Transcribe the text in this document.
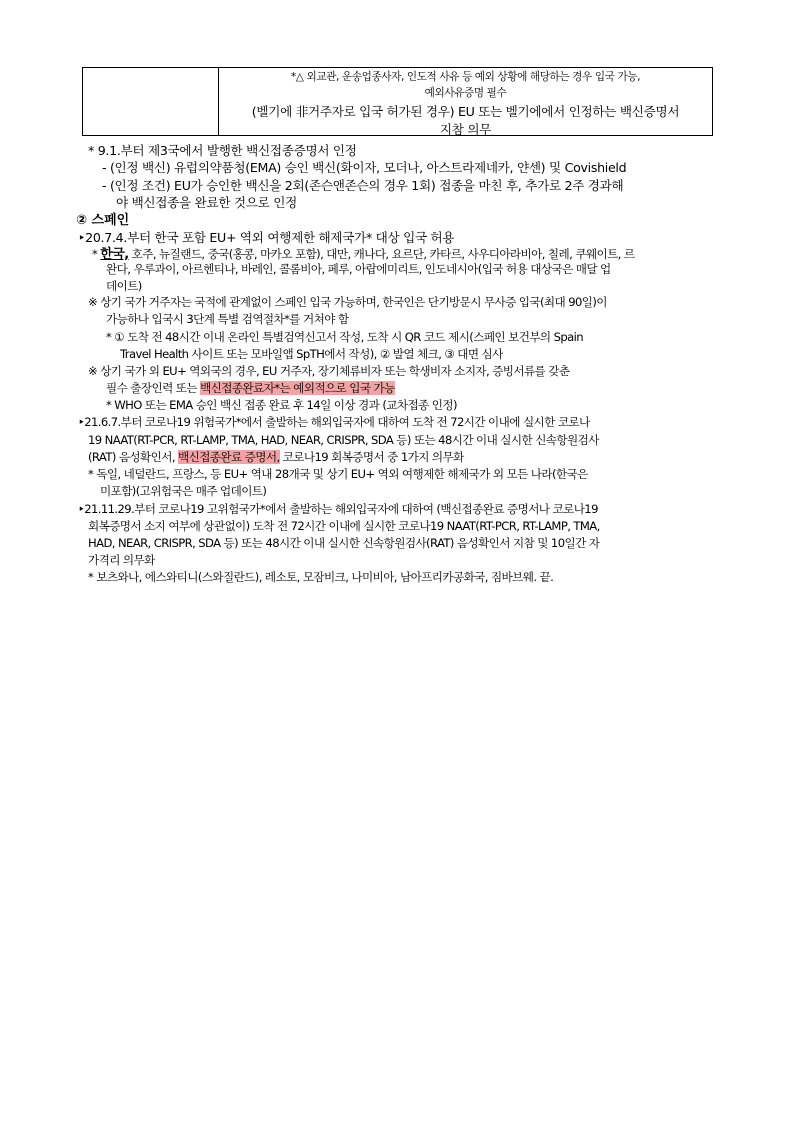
*△ 외교관, 운송업종사자, 인도적 사유 등 예외 상황에 해당하는 경우 입국 가능,
예외사유증명 필수
(벨기에 非거주자로 입국 허가된 경우) EU 또는 벨기에에서 인정하는 백신증명서
지참 의무
* 9.1.부터 제3국에서 발행한 백신접종증명서 인정
- (인정 백신) 유럽의약품청(EMA) 승인 백신(화이자, 모더나, 아스트라제네카, 얀센) 및 Covishield
- (인정 조건) EU가 승인한 백신을 2회(존슨앤존슨의 경우 1회) 접종을 마친 후, 추가로 2주 경과해
야 백신접종을 완료한 것으로 인정
② 스페인
‣20.7.4.부터 한국 포함 EU+ 역외 여행제한 해제국가* 대상 입국 허용
* 한국, 호주, 뉴질랜드, 중국(홍콩, 마카오 포함), 대만, 캐나다, 요르단, 카타르, 사우디아라비아, 칠레, 쿠웨이트, 르
완다, 우루과이, 아르헨티나, 바레인, 콜롬비아, 페루, 아랍에미리트, 인도네시아(입국 허용 대상국은 매달 업
데이트)
※ 상기 국가 거주자는 국적에 관계없이 스페인 입국 가능하며, 한국인은 단기방문시 무사증 입국(최대 90일)이
가능하나 입국시 3단계 특별 검역절차*를 거쳐야 함
* ① 도착 전 48시간 이내 온라인 특별검역신고서 작성, 도착 시 QR 코드 제시(스페인 보건부의 Spain
Travel Health 사이트 또는 모바일앱 SpTH에서 작성), ② 발열 체크, ③ 대면 심사
※ 상기 국가 외 EU+ 역외국의 경우, EU 거주자, 장기체류비자 또는 학생비자 소지자, 증빙서류를 갖춘
필수 출장인력 또는 백신접종완료자*는 예외적으로 입국 가능
* WHO 또는 EMA 승인 백신 접종 완료 후 14일 이상 경과 (교차접종 인정)
‣21.6.7.부터 코로나19 위험국가*에서 출발하는 해외입국자에 대하여 도착 전 72시간 이내에 실시한 코로나
19 NAAT(RT-PCR, RT-LAMP, TMA, HAD, NEAR, CRISPR, SDA 등) 또는 48시간 이내 실시한 신속항원검사
(RAT) 음성확인서, 백신접종완료 증명서, 코로나19 회복증명서 중 1가지 의무화
* 독일, 네덜란드, 프랑스, 등 EU+ 역내 28개국 및 상기 EU+ 역외 여행제한 해제국가 외 모든 나라(한국은
미포함)(고위험국은 매주 업데이트)
‣21.11.29.부터 코로나19 고위험국가*에서 출발하는 해외입국자에 대하여 (백신접종완료 증명서나 코로나19
회복증명서 소지 여부에 상관없이) 도착 전 72시간 이내에 실시한 코로나19 NAAT(RT-PCR, RT-LAMP, TMA,
HAD, NEAR, CRISPR, SDA 등) 또는 48시간 이내 실시한 신속항원검사(RAT) 음성확인서 지참 및 10일간 자
가격리 의무화
* 보츠와나, 에스와티니(스와질란드), 레소토, 모잠비크, 나미비아, 남아프리카공화국, 짐바브웨. 끝.
